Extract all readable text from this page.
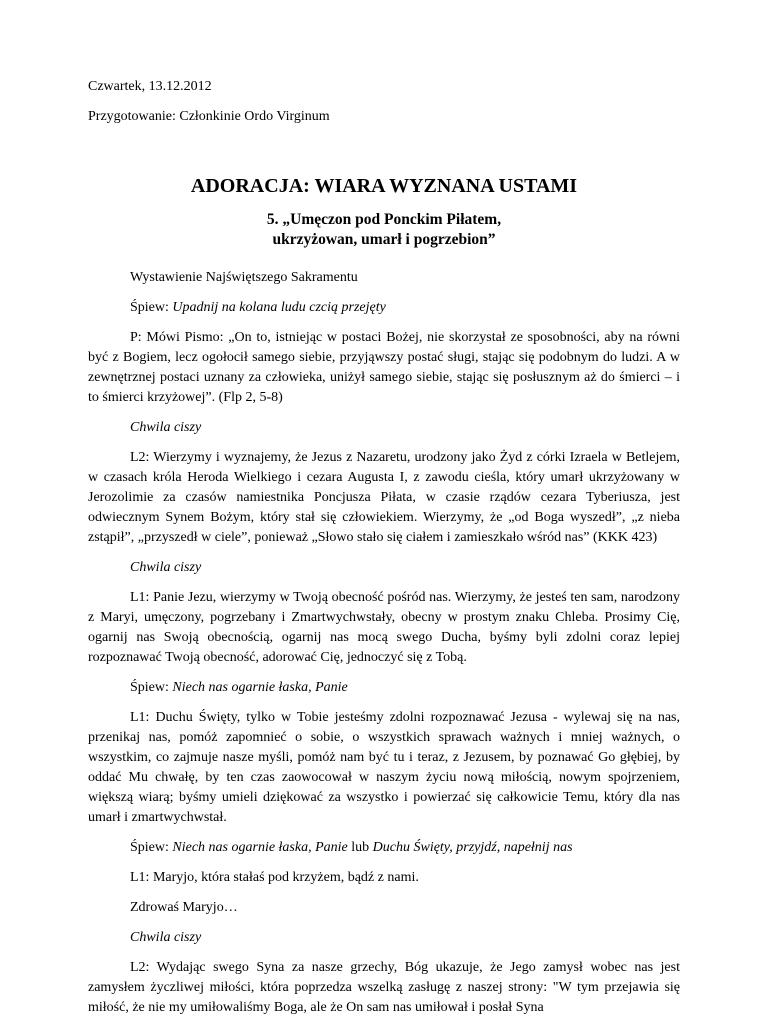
Czwartek, 13.12.2012

Przygotowanie: Członkinie Ordo Virginum

ADORACJA: WIARA WYZNANA USTAMI
5. „Umęczon pod Ponckim Piłatem,
ukrzyżowan, umarł i pogrzebion”

Wystawienie Najświętszego Sakramentu

Śpiew: Upadnij na kolana ludu czcią przejęty

P: Mówi Pismo: „On to, istniejąc w postaci Bożej, nie skorzystał ze sposobności, aby na równi być z Bogiem, lecz ogołocił samego siebie, przyjąwszy postać sługi, stając się podobnym do ludzi. A w zewnętrznej postaci uznany za człowieka, uniżył samego siebie, stając się posłusznym aż do śmierci – i to śmierci krzyżowej”. (Flp 2, 5-8)

Chwila ciszy

L2: Wierzymy i wyznajemy, że Jezus z Nazaretu, urodzony jako Żyd z córki Izraela w Betlejem, w czasach króla Heroda Wielkiego i cezara Augusta I, z zawodu cieśla, który umarł ukrzyżowany w Jerozolimie za czasów namiestnika Poncjusza Piłata, w czasie rządów cezara Tyberiusza, jest odwiecznym Synem Bożym, który stał się człowiekiem. Wierzymy, że „od Boga wyszedł”, „z nieba zstąpił”, „przyszedł w ciele”, ponieważ „Słowo stało się ciałem i zamieszkało wśród nas” (KKK 423)

Chwila ciszy

L1: Panie Jezu, wierzymy w Twoją obecność pośród nas. Wierzymy, że jesteś ten sam, narodzony z Maryi, umęczony, pogrzebany i Zmartwychwstały, obecny w prostym znaku Chleba. Prosimy Cię, ogarnij nas Swoją obecnością, ogarnij nas mocą swego Ducha, byśmy byli zdolni coraz lepiej rozpoznawać Twoją obecność, adorować Cię, jednoczyć się z Tobą.

Śpiew: Niech nas ogarnie łaska, Panie

L1: Duchu Święty, tylko w Tobie jesteśmy zdolni rozpoznawać Jezusa - wylewaj się na nas, przenikaj nas, pomóż zapomnieć o sobie, o wszystkich sprawach ważnych i mniej ważnych, o wszystkim, co zajmuje nasze myśli, pomóż nam być tu i teraz, z Jezusem, by poznawać Go głębiej, by oddać Mu chwałę, by ten czas zaowocował w naszym życiu nową miłością, nowym spojrzeniem, większą wiarą; byśmy umieli dziękować za wszystko i powierzać się całkowicie Temu, który dla nas umarł i zmartwychwstał.

Śpiew: Niech nas ogarnie łaska, Panie lub Duchu Święty, przyjdź, napełnij nas

L1: Maryjo, która stałaś pod krzyżem, bądź z nami.

Zdrowaś Maryjo…

Chwila ciszy

L2: Wydając swego Syna za nasze grzechy, Bóg ukazuje, że Jego zamysł wobec nas jest zamysłem życzliwej miłości, która poprzedza wszelką zasługę z naszej strony: "W tym przejawia się miłość, że nie my umiłowaliśmy Boga, ale że On sam nas umiłował i posłał Syna
